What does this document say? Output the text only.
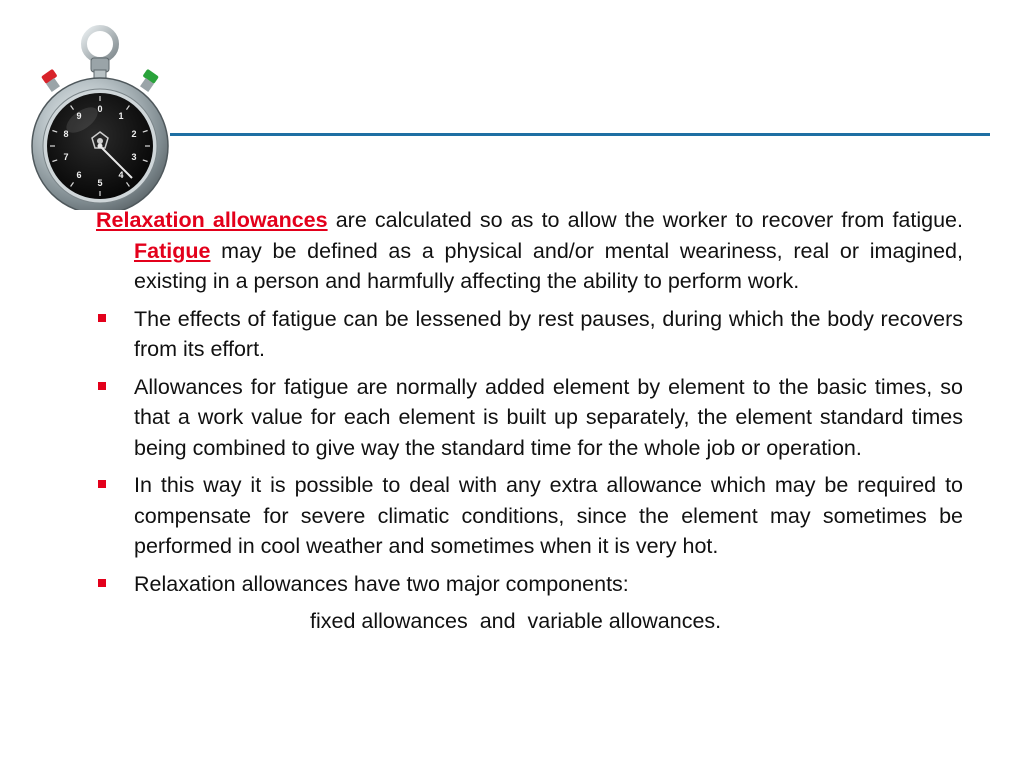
0
1
2
3
4
5
6
7
8
9

Relaxation allowances are calculated so as to allow the worker to recover from fatigue. Fatigue may be defined as a physical and/or mental weariness, real or imagined, existing in a person and harmfully affecting the ability to perform work.

The effects of fatigue can be lessened by rest pauses, during which the body recovers from its effort.

Allowances for fatigue are normally added element by element to the basic times, so that a work value for each element is built up separately, the element standard times being combined to give way the standard time for the whole job or operation.

In this way it is possible to deal with any extra allowance which may be required to compensate for severe climatic conditions, since the element may sometimes be performed in cool weather and sometimes when it is very hot.

Relaxation allowances have two major components:

fixed allowances  and  variable allowances.
